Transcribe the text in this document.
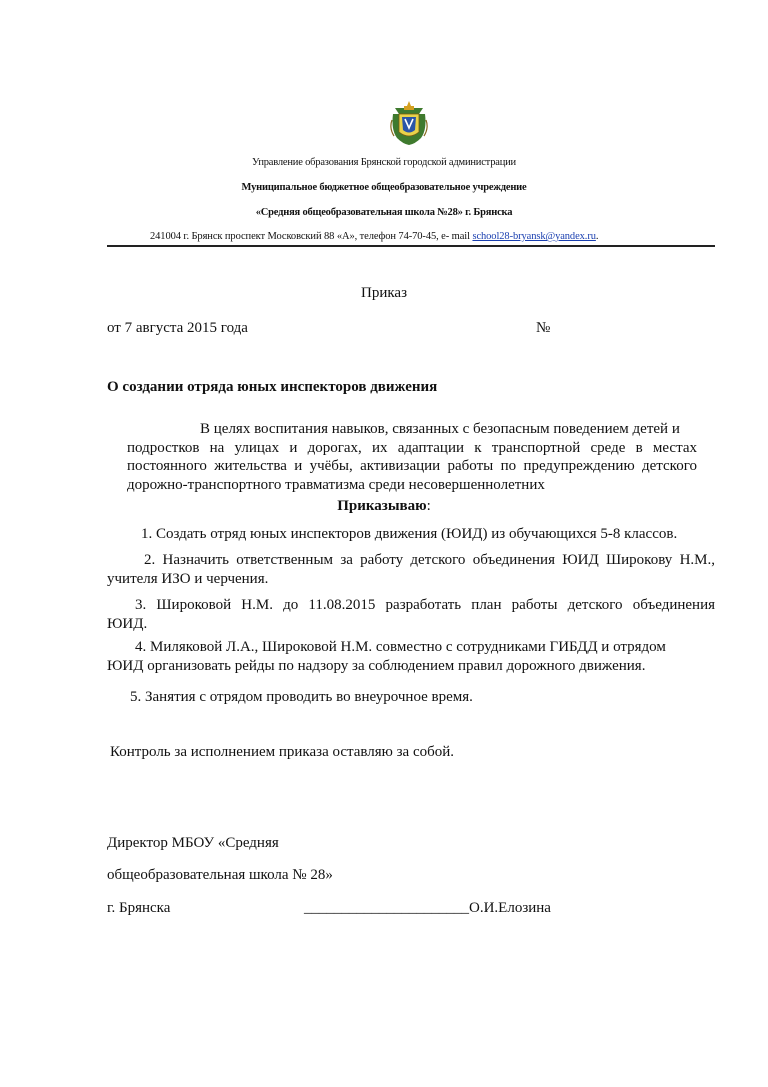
Управление образования Брянской городской администрации
Муниципальное бюджетное общеобразовательное учреждение
«Средняя общеобразовательная школа №28» г. Брянска
241004 г. Брянск проспект Московский 88 «А», телефон 74-70-45, e- mail school28-bryansk@yandex.ru.
Приказ
от 7 августа 2015 года	№
О создании отряда юных инспекторов движения

В целях воспитания навыков, связанных с безопасным поведением детей и

подростков на улицах и дорогах, их адаптации к транспортной среде в местах

постоянного жительства и учёбы, активизации работы по предупреждению детского

дорожно-транспортного травматизма среди несовершеннолетних

Приказываю:
1. Создать отряд юных инспекторов движения (ЮИД) из обучающихся 5-8 классов.
2. Назначить ответственным за работу детского объединения ЮИД Широкову Н.М.,
учителя ИЗО и черчения.
3. Широковой Н.М. до 11.08.2015 разработать план работы детского объединения
ЮИД.
4. Миляковой Л.А., Широковой Н.М. совместно с сотрудниками ГИБДД и отрядом
ЮИД организовать рейды по надзору за соблюдением правил дорожного движения.
5. Занятия с отрядом проводить во внеурочное время.
Контроль за исполнением приказа оставляю за собой.
Директор МБОУ «Средняя
общеобразовательная школа № 28»
г. Брянска	______________________О.И.Елозина
